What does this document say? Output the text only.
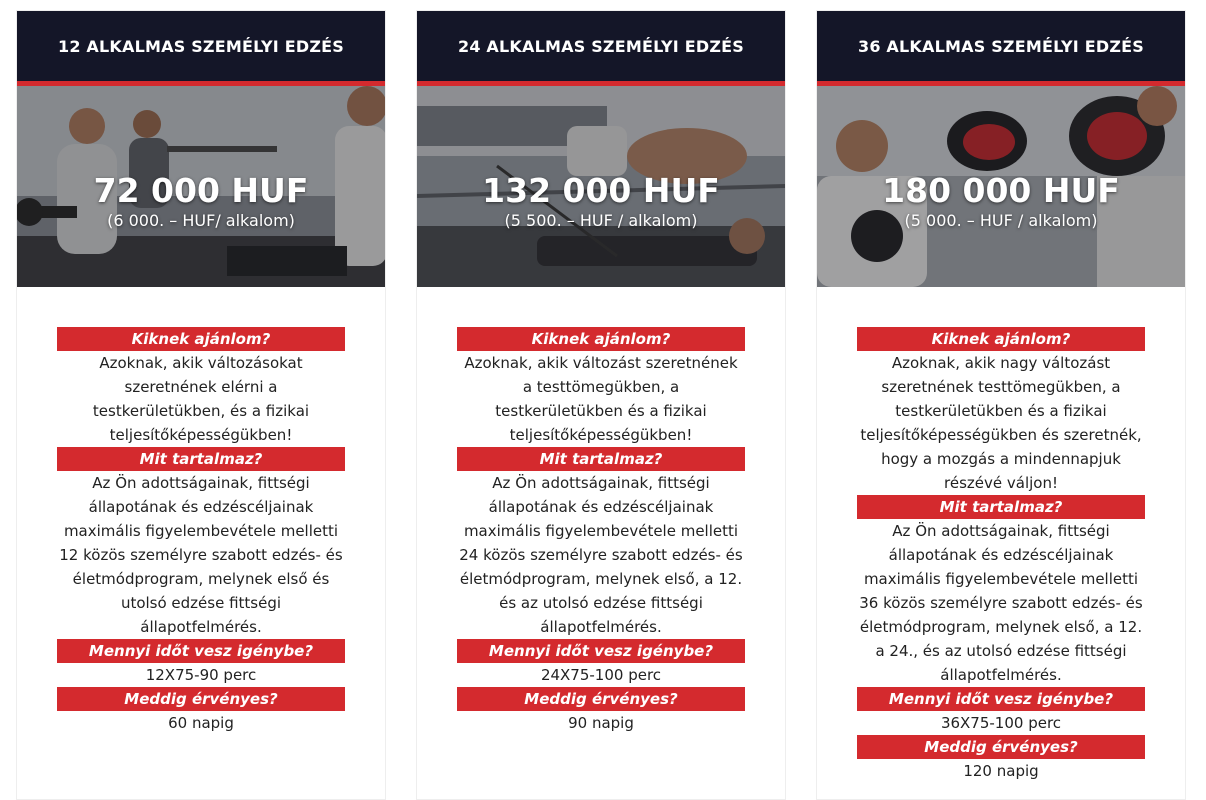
12 ALKALMAS SZEMÉLYI EDZÉS
72 000 HUF
(6 000. – HUF/ alkalom)
Kiknek ajánlom?
Azoknak, akik változásokat szeretnének elérni a testkerületükben, és a fizikai teljesítőképességükben!
Mit tartalmaz?
Az Ön adottságainak, fittségi állapotának és edzéscéljainak maximális figyelembevétele melletti 12 közös személyre szabott edzés- és életmódprogram, melynek első és utolsó edzése fittségi állapotfelmérés.
Mennyi időt vesz igénybe?
12X75-90 perc
Meddig érvényes?
60 napig
24 ALKALMAS SZEMÉLYI EDZÉS
132 000 HUF
(5 500. – HUF / alkalom)
Kiknek ajánlom?
Azoknak, akik változást szeretnének a testtömegükben, a testkerületükben és a fizikai teljesítőképességükben!
Mit tartalmaz?
Az Ön adottságainak, fittségi állapotának és edzéscéljainak maximális figyelembevétele melletti 24 közös személyre szabott edzés- és életmódprogram, melynek első, a 12. és az utolsó edzése fittségi állapotfelmérés.
Mennyi időt vesz igénybe?
24X75-100 perc
Meddig érvényes?
90 napig
36 ALKALMAS SZEMÉLYI EDZÉS
180 000 HUF
(5 000. – HUF / alkalom)
Kiknek ajánlom?
Azoknak, akik nagy változást szeretnének testtömegükben, a testkerületükben és a fizikai teljesítőképességükben és szeretnék, hogy a mozgás a mindennapjuk részévé váljon!
Mit tartalmaz?
Az Ön adottságainak, fittségi állapotának és edzéscéljainak maximális figyelembevétele melletti 36 közös személyre szabott edzés- és életmódprogram, melynek első, a 12. a 24., és az utolsó edzése fittségi állapotfelmérés.
Mennyi időt vesz igénybe?
36X75-100 perc
Meddig érvényes?
120 napig
